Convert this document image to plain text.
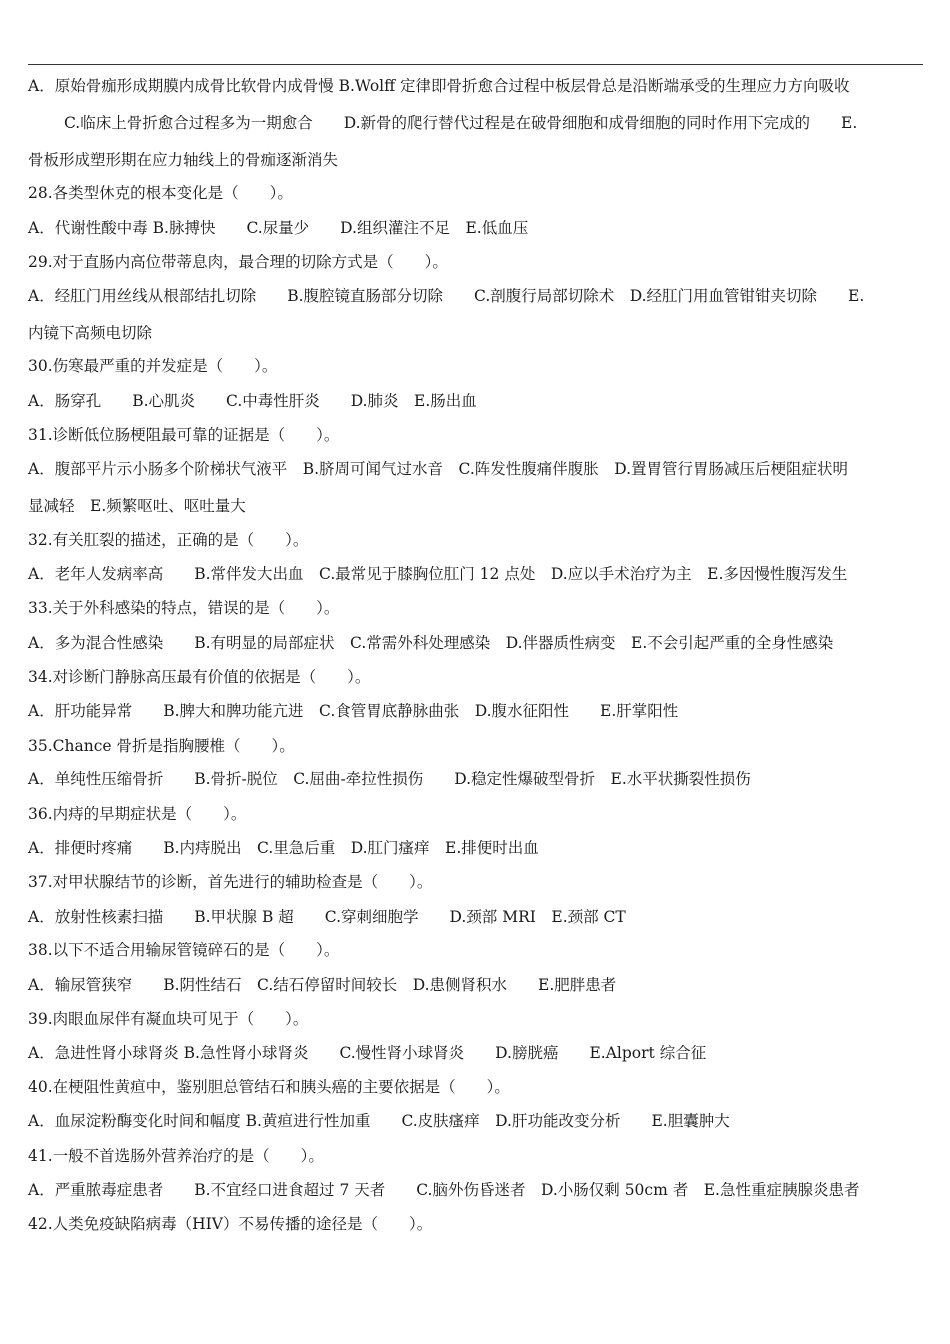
A．原始骨痂形成期膜内成骨比软骨内成骨慢 B.Wolff 定律即骨折愈合过程中板层骨总是沿断端承受的生理应力方向吸收
C.临床上骨折愈合过程多为一期愈合　　D.新骨的爬行替代过程是在破骨细胞和成骨细胞的同时作用下完成的　　E.
骨板形成塑形期在应力轴线上的骨痂逐渐消失
28.各类型休克的根本变化是（　　）。
A．代谢性酸中毒 B.脉搏快　　C.尿量少　　D.组织灌注不足　E.低血压
29.对于直肠内高位带蒂息肉，最合理的切除方式是（　　）。
A．经肛门用丝线从根部结扎切除　　B.腹腔镜直肠部分切除　　C.剖腹行局部切除术　D.经肛门用血管钳钳夹切除　　E.
内镜下高频电切除
30.伤寒最严重的并发症是（　　）。
A．肠穿孔　　B.心肌炎　　C.中毒性肝炎　　D.肺炎　E.肠出血
31.诊断低位肠梗阻最可靠的证据是（　　）。
A．腹部平片示小肠多个阶梯状气液平　B.脐周可闻气过水音　C.阵发性腹痛伴腹胀　D.置胃管行胃肠减压后梗阻症状明
显减轻　E.频繁呕吐、呕吐量大
32.有关肛裂的描述，正确的是（　　）。
A．老年人发病率高　　B.常伴发大出血　C.最常见于膝胸位肛门 12 点处　D.应以手术治疗为主　E.多因慢性腹泻发生
33.关于外科感染的特点，错误的是（　　）。
A．多为混合性感染　　B.有明显的局部症状　C.常需外科处理感染　D.伴器质性病变　E.不会引起严重的全身性感染
34.对诊断门静脉高压最有价值的依据是（　　）。
A．肝功能异常　　B.脾大和脾功能亢进　C.食管胃底静脉曲张　D.腹水征阳性　　E.肝掌阳性
35.Chance 骨折是指胸腰椎（　　）。
A．单纯性压缩骨折　　B.骨折-脱位　C.屈曲-牵拉性损伤　　D.稳定性爆破型骨折　E.水平状撕裂性损伤
36.内痔的早期症状是（　　）。
A．排便时疼痛　　B.内痔脱出　C.里急后重　D.肛门瘙痒　E.排便时出血
37.对甲状腺结节的诊断，首先进行的辅助检查是（　　）。
A．放射性核素扫描　　B.甲状腺 B 超　　C.穿刺细胞学　　D.颈部 MRI　E.颈部 CT
38.以下不适合用输尿管镜碎石的是（　　）。
A．输尿管狭窄　　B.阴性结石　C.结石停留时间较长　D.患侧肾积水　　E.肥胖患者
39.肉眼血尿伴有凝血块可见于（　　）。
A．急进性肾小球肾炎 B.急性肾小球肾炎　　C.慢性肾小球肾炎　　D.膀胱癌　　E.Alport 综合征
40.在梗阻性黄疸中，鉴别胆总管结石和胰头癌的主要依据是（　　）。
A．血尿淀粉酶变化时间和幅度 B.黄疸进行性加重　　C.皮肤瘙痒　D.肝功能改变分析　　E.胆囊肿大
41.一般不首选肠外营养治疗的是（　　）。
A．严重脓毒症患者　　B.不宜经口进食超过 7 天者　　C.脑外伤昏迷者　D.小肠仅剩 50cm 者　E.急性重症胰腺炎患者
42.人类免疫缺陷病毒（HIV）不易传播的途径是（　　）。
